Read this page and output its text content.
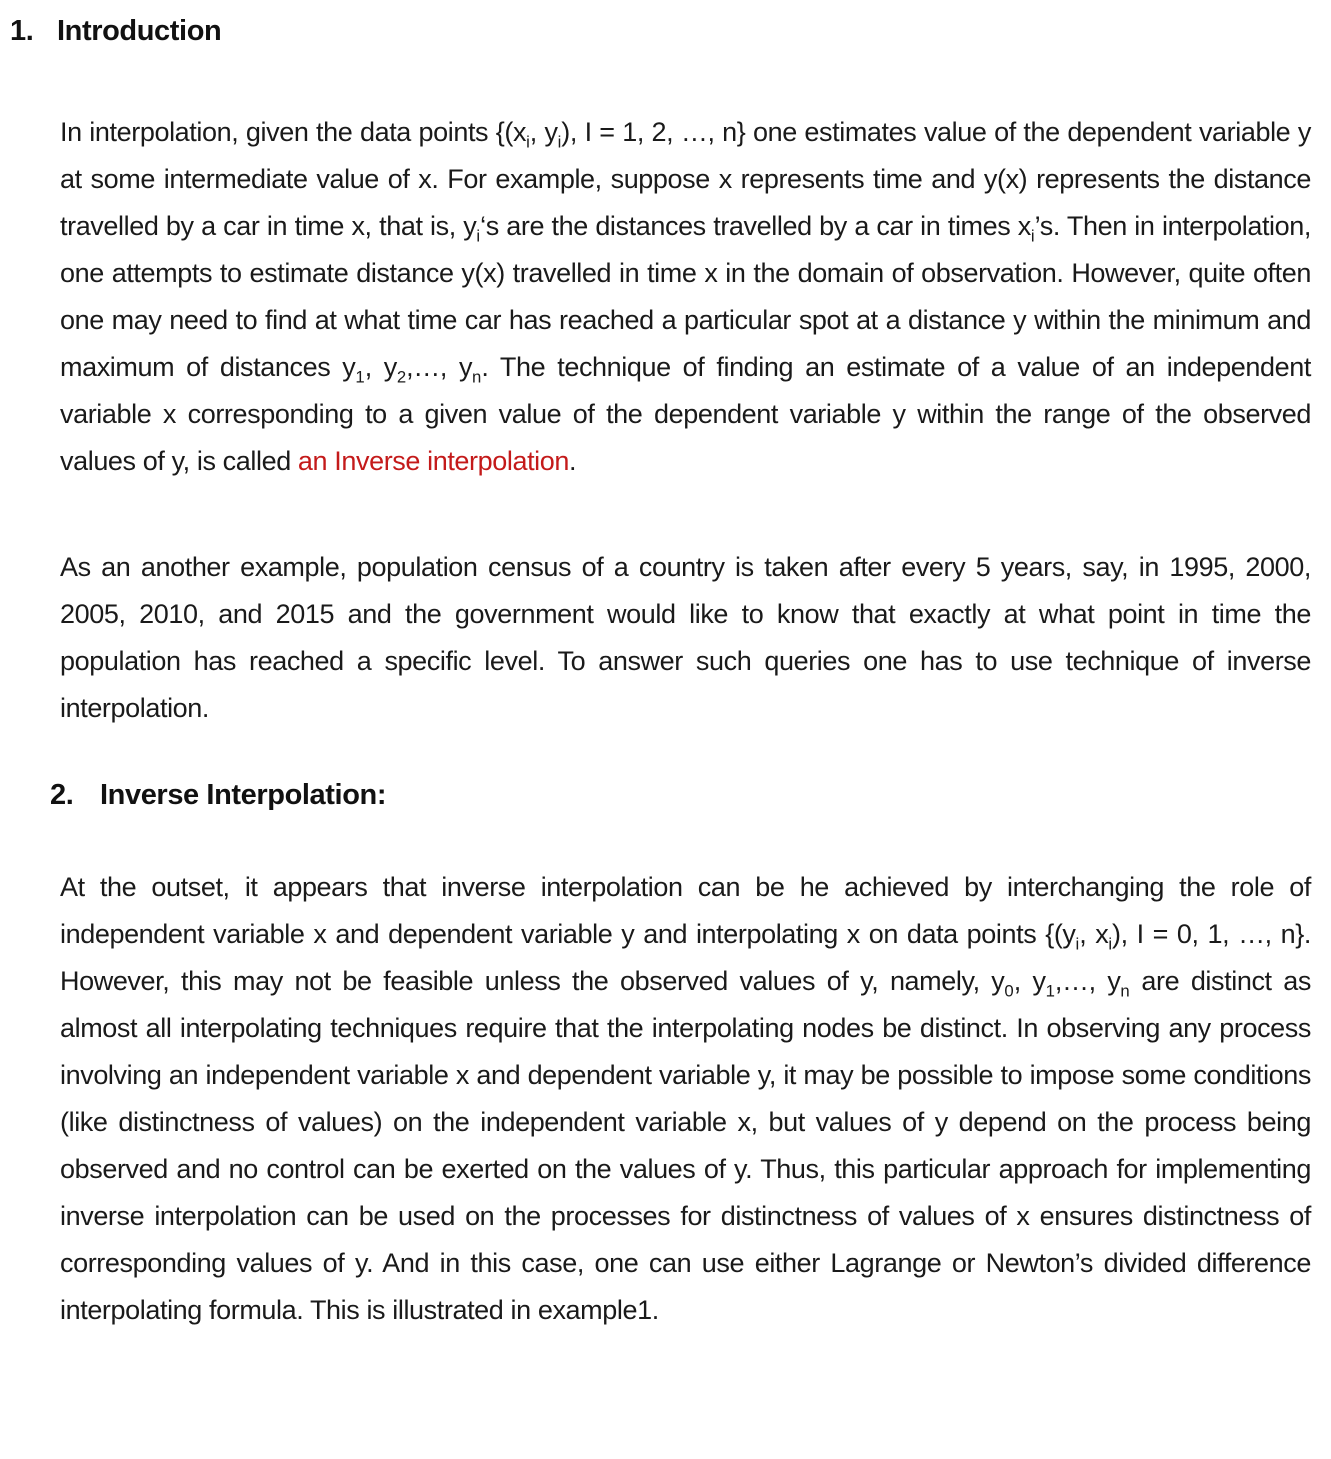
1. Introduction

In interpolation, given the data points {($x_i$, $y_i$), I = 1, 2, …, n} one estimates value of the dependent variable y at some intermediate value of x. For example, suppose x represents time and y(x) represents the distance travelled by a car in time x, that is, $y_i‘s$ are the distances travelled by a car in times $x_i’s$. Then in interpolation, one attempts to estimate distance y(x) travelled in time x in the domain of observation. However, quite often one may need to find at what time car has reached a particular spot at a distance y within the minimum and maximum of distances $y_1$, $y_2,\dots$, $y_n$. The technique of finding an estimate of a value of an independent variable x corresponding to a given value of the dependent variable y within the range of the observed values of y, is called an Inverse interpolation.

As an another example, population census of a country is taken after every 5 years, say, in 1995, 2000, 2005, 2010, and 2015 and the government would like to know that exactly at what point in time the population has reached a specific level. To answer such queries one has to use technique of inverse interpolation.

2. Inverse Interpolation:

At the outset, it appears that inverse interpolation can be he achieved by interchanging the role of independent variable x and dependent variable y and interpolating x on data points {($y_i$, $x_i$), I = 0, 1, …, n}. However, this may not be feasible unless the observed values of y, namely, $y_0$, $y_1,\dots$, $y_n$ are distinct as almost all interpolating techniques require that the interpolating nodes be distinct. In observing any process involving an independent variable x and dependent variable y, it may be possible to impose some conditions (like distinctness of values) on the independent variable x, but values of y depend on the process being observed and no control can be exerted on the values of y. Thus, this particular approach for implementing inverse interpolation can be used on the processes for distinctness of values of x ensures distinctness of corresponding values of y. And in this case, one can use either Lagrange or Newton’s divided difference interpolating formula. This is illustrated in example1.
